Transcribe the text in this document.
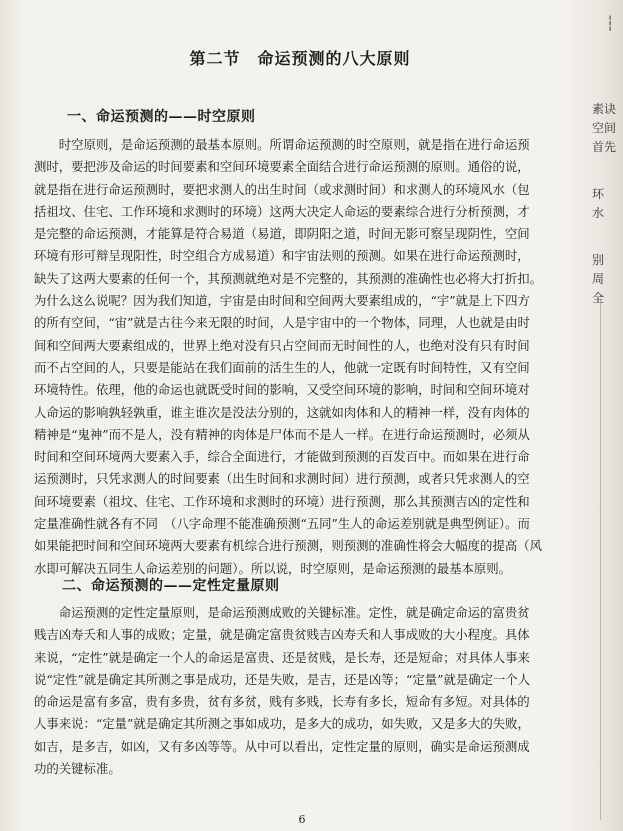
┆
第二节　命运预测的八大原则
一、命运预测的——时空原则
　　时空原则，是命运预测的最基本原则。所谓命运预测的时空原则，就是指在进行命运预
测时，要把涉及命运的时间要素和空间环境要素全面结合进行命运预测的原则。通俗的说，
就是指在进行命运预测时，要把求测人的出生时间（或求测时间）和求测人的环境风水（包
括祖坟、住宅、工作环境和求测时的环境）这两大决定人命运的要素综合进行分析预测，才
是完整的命运预测，才能算是符合易道（易道，即阴阳之道，时间无影可察呈现阴性，空间
环境有形可辩呈现阳性，时空组合方成易道）和宇宙法则的预测。如果在进行命运预测时，
缺失了这两大要素的任何一个，其预测就绝对是不完整的，其预测的准确性也必将大打折扣。
为什么这么说呢？因为我们知道，宇宙是由时间和空间两大要素组成的，“宇”就是上下四方
的所有空间，“宙”就是古往今来无限的时间，人是宇宙中的一个物体，同理，人也就是由时
间和空间两大要素组成的，世界上绝对没有只占空间而无时间性的人，也绝对没有只有时间
而不占空间的人，只要是能站在我们面前的活生生的人，他就一定既有时间特性，又有空间
环境特性。依理，他的命运也就既受时间的影响，又受空间环境的影响，时间和空间环境对
人命运的影响孰轻孰重，谁主谁次是没法分别的，这就如肉体和人的精神一样，没有肉体的
精神是“鬼神”而不是人，没有精神的肉体是尸体而不是人一样。在进行命运预测时，必须从
时间和空间环境两大要素入手，综合全面进行，才能做到预测的百发百中。而如果在进行命
运预测时，只凭求测人的时间要素（出生时间和求测时间）进行预测，或者只凭求测人的空
间环境要素（祖坟、住宅、工作环境和求测时的环境）进行预测，那么其预测吉凶的定性和
定量准确性就各有不同　（八字命理不能准确预测“五同”生人的命运差别就是典型例证）。而
如果能把时间和空间环境两大要素有机综合进行预测，则预测的准确性将会大幅度的提高（风
水即可解决五同生人命运差别的问题）。所以说，时空原则，是命运预测的最基本原则。
二、命运预测的——定性定量原则
　　命运预测的定性定量原则，是命运预测成败的关键标准。定性，就是确定命运的富贵贫
贱吉凶寿夭和人事的成败；定量，就是确定富贵贫贱吉凶寿夭和人事成败的大小程度。具体
来说，“定性”就是确定一个人的命运是富贵、还是贫贱，是长寿，还是短命；对具体人事来
说“定性”就是确定其所测之事是成功，还是失败，是吉，还是凶等；“定量”就是确定一个人
的命运是富有多富，贵有多贵，贫有多贫，贱有多贱，长寿有多长，短命有多短。对具体的
人事来说：“定量”就是确定其所测之事如成功，是多大的成功，如失败，又是多大的失败，
如吉，是多吉，如凶，又有多凶等等。从中可以看出，定性定量的原则，确实是命运预测成
功的关键标准。
6
素诀
空间
首先
环
水
别
周
全
